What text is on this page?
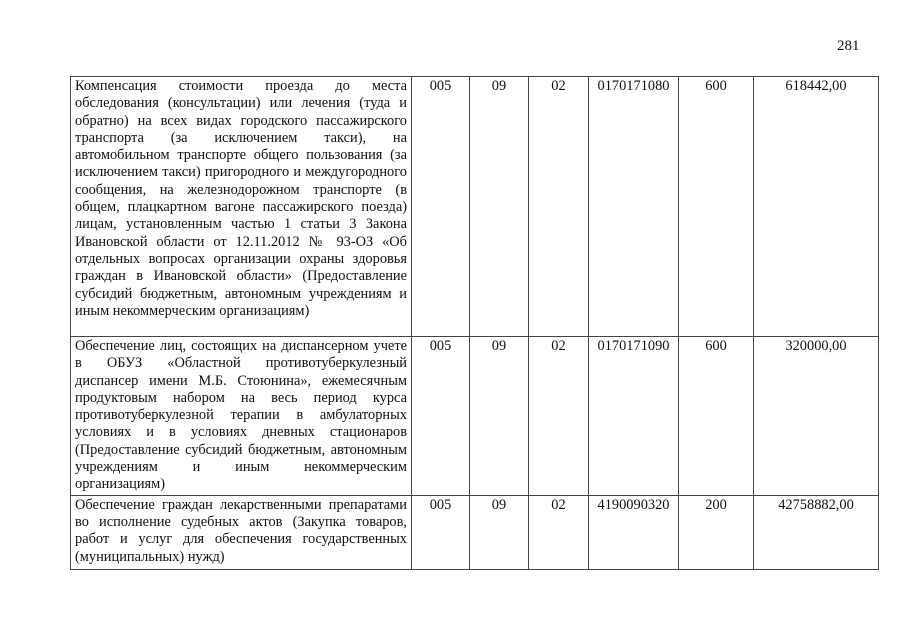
281
Компенсация стоимости проезда до места обследования (консультации) или лечения (туда и обратно) на всех видах городского пассажирского транспорта (за исключением такси), на автомобильном транспорте общего пользования (за исключением такси) пригородного и междугородного сообщения, на железнодорожном транспорте (в общем, плацкартном вагоне пассажирского поезда) лицам, установленным частью 1 статьи 3 Закона Ивановской области от 12.11.2012 № 93-ОЗ «Об отдельных вопросах организации охраны здоровья граждан в Ивановской области» (Предоставление субсидий бюджетным, автономным учреждениям и иным некоммерческим организациям)	005	09	02	0170171080	600	618442,00
Обеспечение лиц, состоящих на диспансерном учете в ОБУЗ «Областной противотуберкулезный диспансер имени М.Б. Стоюнина», ежемесячным продуктовым набором на весь период курса противотуберкулезной терапии в амбулаторных условиях и в условиях дневных стационаров (Предоставление субсидий бюджетным, автономным учреждениям и иным некоммерческим организациям)	005	09	02	0170171090	600	320000,00
Обеспечение граждан лекарственными препаратами во исполнение судебных актов (Закупка товаров, работ и услуг для обеспечения государственных (муниципальных) нужд)	005	09	02	4190090320	200	42758882,00
